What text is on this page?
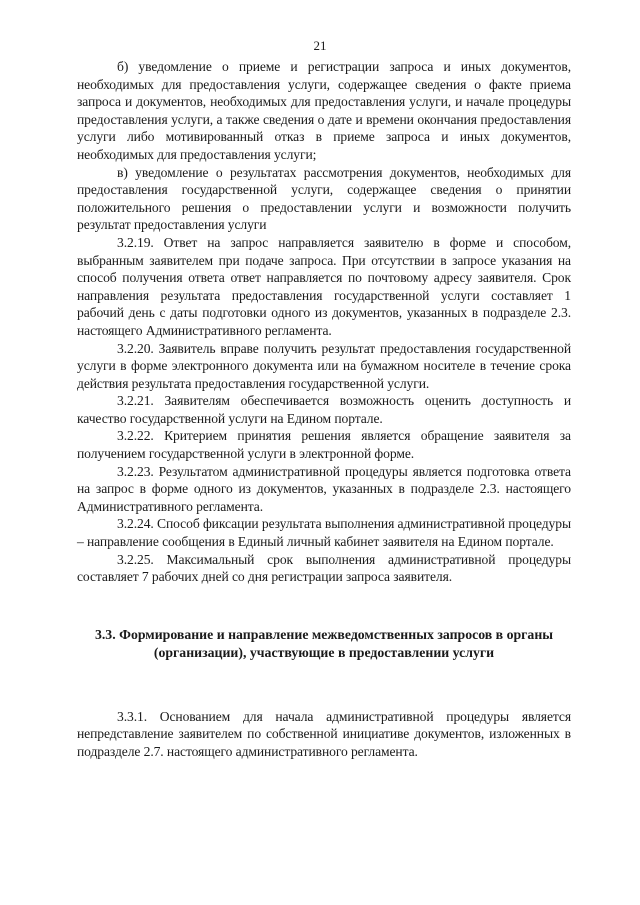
21

б) уведомление о приеме и регистрации запроса и иных документов, необходимых для предоставления услуги, содержащее сведения о факте приема запроса и документов, необходимых для предоставления услуги, и начале процедуры предоставления услуги, а также сведения о дате и времени окончания предоставления услуги либо мотивированный отказ в приеме запроса и иных документов, необходимых для предоставления услуги;

в) уведомление о результатах рассмотрения документов, необходимых для предоставления государственной услуги, содержащее сведения о принятии положительного решения о предоставлении услуги и возможности получить результат предоставления услуги

3.2.19. Ответ на запрос направляется заявителю в форме и способом, выбранным заявителем при подаче запроса. При отсутствии в запросе указания на способ получения ответа ответ направляется по почтовому адресу заявителя. Срок направления результата предоставления государственной услуги составляет 1 рабочий день с даты подготовки одного из документов, указанных в подразделе 2.3. настоящего Административного регламента.

3.2.20. Заявитель вправе получить результат предоставления государственной услуги в форме электронного документа или на бумажном носителе в течение срока действия результата предоставления государственной услуги.

3.2.21. Заявителям обеспечивается возможность оценить доступность и качество государственной услуги на Едином портале.

3.2.22. Критерием принятия решения является обращение заявителя за получением государственной услуги в электронной форме.

3.2.23. Результатом административной процедуры является подготовка ответа на запрос в форме одного из документов, указанных в подразделе 2.3. настоящего Административного регламента.

3.2.24. Способ фиксации результата выполнения административной процедуры – направление сообщения в Единый личный кабинет заявителя на Едином портале.

3.2.25. Максимальный срок выполнения административной процедуры составляет 7 рабочих дней со дня регистрации запроса заявителя.

3.3. Формирование и направление межведомственных запросов в органы (организации), участвующие в предоставлении услуги

3.3.1. Основанием для начала административной процедуры является непредставление заявителем по собственной инициативе документов, изложенных в подразделе 2.7. настоящего административного регламента.
